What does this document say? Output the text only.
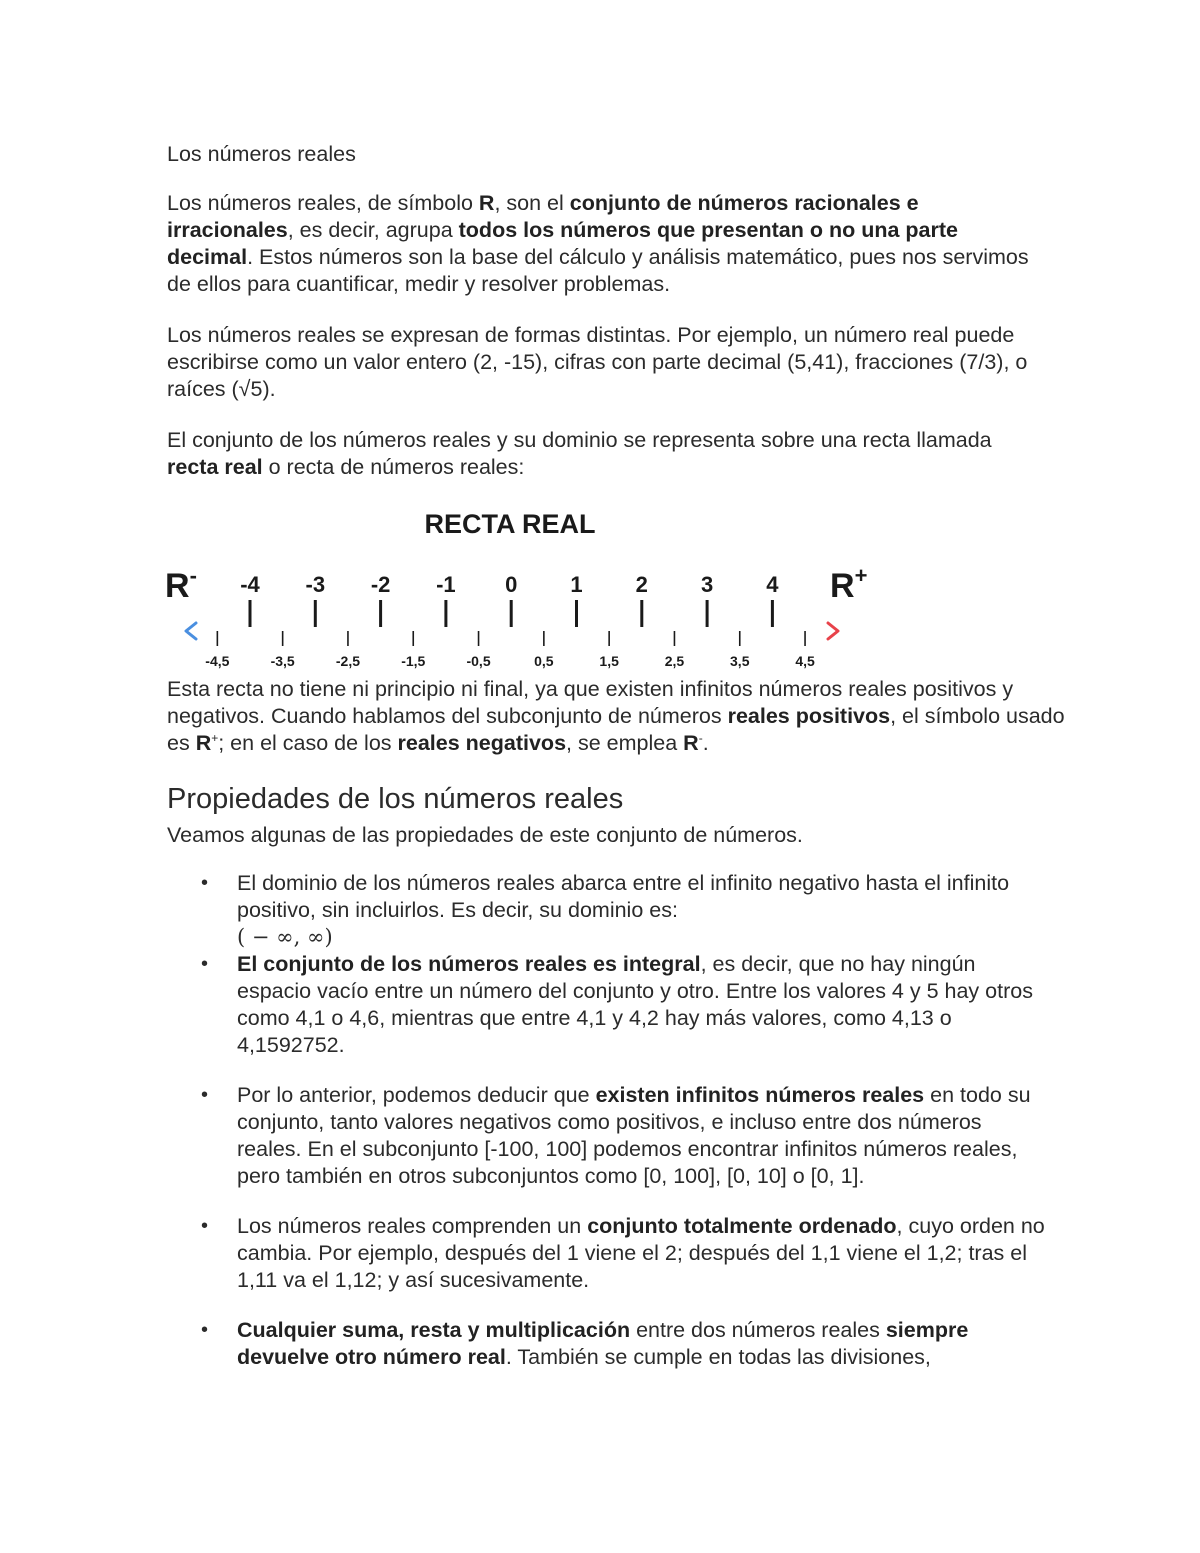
Los números reales
Los números reales, de símbolo R, son el conjunto de números racionales e irracionales, es decir, agrupa todos los números que presentan o no una parte decimal. Estos números son la base del cálculo y análisis matemático, pues nos servimos de ellos para cuantificar, medir y resolver problemas.
Los números reales se expresan de formas distintas. Por ejemplo, un número real puede escribirse como un valor entero (2, -15), cifras con parte decimal (5,41), fracciones (7/3), o raíces (√5).
El conjunto de los números reales y su dominio se representa sobre una recta llamada recta real o recta de números reales:
RECTA REAL
R-	R+
-4 -3 -2 -1 0 1 2 3 4
-4,5	-3,5	-2,5	-1,5	-0,5	0,5	1,5	2,5	3,5	4,5
Esta recta no tiene ni principio ni final, ya que existen infinitos números reales positivos y negativos. Cuando hablamos del subconjunto de números reales positivos, el símbolo usado es R+; en el caso de los reales negativos, se emplea R-.
Propiedades de los números reales
Veamos algunas de las propiedades de este conjunto de números.
• El dominio de los números reales abarca entre el infinito negativo hasta el infinito positivo, sin incluirlos. Es decir, su dominio es:
( − ∞, ∞)
• El conjunto de los números reales es integral, es decir, que no hay ningún espacio vacío entre un número del conjunto y otro. Entre los valores 4 y 5 hay otros como 4,1 o 4,6, mientras que entre 4,1 y 4,2 hay más valores, como 4,13 o 4,1592752.
• Por lo anterior, podemos deducir que existen infinitos números reales en todo su conjunto, tanto valores negativos como positivos, e incluso entre dos números reales. En el subconjunto [-100, 100] podemos encontrar infinitos números reales, pero también en otros subconjuntos como [0, 100], [0, 10] o [0, 1].
• Los números reales comprenden un conjunto totalmente ordenado, cuyo orden no cambia. Por ejemplo, después del 1 viene el 2; después del 1,1 viene el 1,2; tras el 1,11 va el 1,12; y así sucesivamente.
• Cualquier suma, resta y multiplicación entre dos números reales siempre devuelve otro número real. También se cumple en todas las divisiones,
